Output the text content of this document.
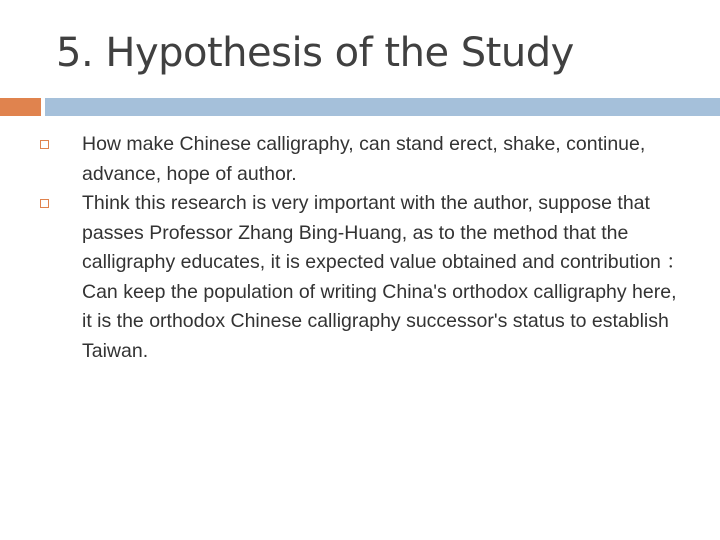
5. Hypothesis of the Study
How make Chinese calligraphy, can stand erect, shake, continue, advance, hope of author.
Think this research is very important with the author, suppose that passes Professor Zhang Bing-Huang, as to the method that the calligraphy educates, it is expected value obtained and contribution ：Can keep the population of writing China's orthodox calligraphy here, it is the orthodox Chinese calligraphy successor's status to establish Taiwan.
